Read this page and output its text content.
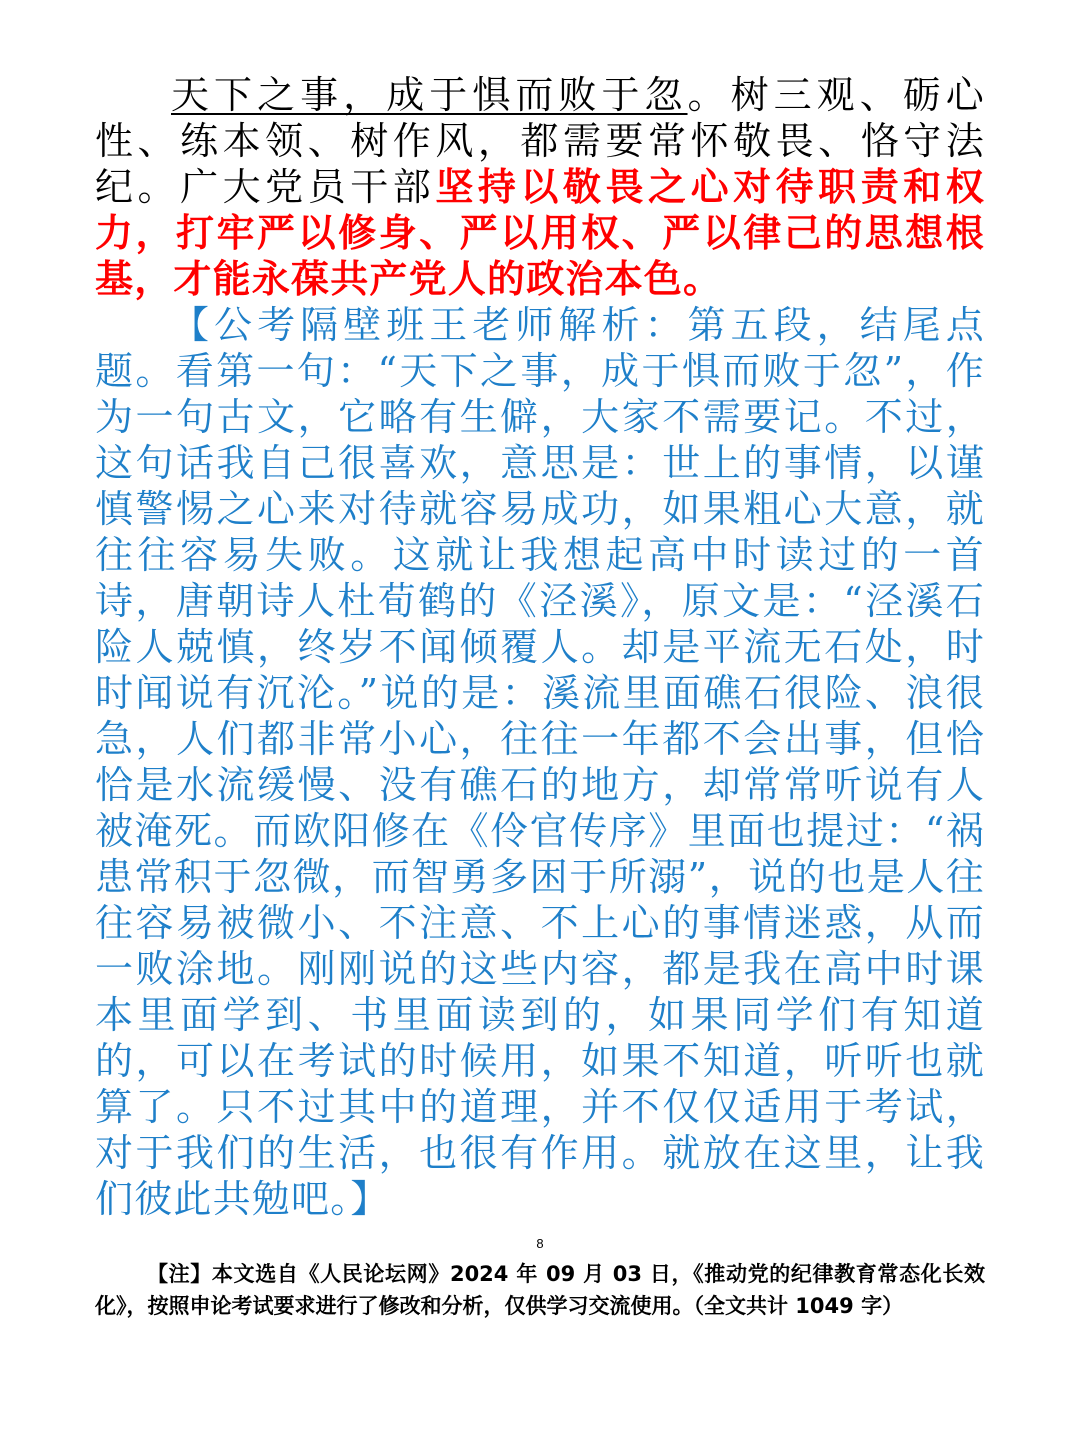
天下之事，成于惧而败于忽。树三观、砺心性、练本领、树作风，都需要常怀敬畏、恪守法纪。广大党员干部坚持以敬畏之心对待职责和权力，打牢严以修身、严以用权、严以律己的思想根基，才能永葆共产党人的政治本色。

【公考隔壁班王老师解析：第五段，结尾点题。看第一句：“天下之事，成于惧而败于忽”，作为一句古文，它略有生僻，大家不需要记。不过，这句话我自己很喜欢，意思是：世上的事情，以谨慎警惕之心来对待就容易成功，如果粗心大意，就往往容易失败。这就让我想起高中时读过的一首诗，唐朝诗人杜荀鹤的《泾溪》，原文是：“泾溪石险人兢慎，终岁不闻倾覆人。却是平流无石处，时时闻说有沉沦。”说的是：溪流里面礁石很险、浪很急，人们都非常小心，往往一年都不会出事，但恰恰是水流缓慢、没有礁石的地方，却常常听说有人被淹死。而欧阳修在《伶官传序》里面也提过：“祸患常积于忽微，而智勇多困于所溺”，说的也是人往往容易被微小、不注意、不上心的事情迷惑，从而一败涂地。刚刚说的这些内容，都是我在高中时课本里面学到、书里面读到的，如果同学们有知道的，可以在考试的时候用，如果不知道，听听也就算了。只不过其中的道理，并不仅仅适用于考试，对于我们的生活，也很有作用。就放在这里，让我们彼此共勉吧。】

8

【注】本文选自《人民论坛网》2024 年 09 月 03 日，《推动党的纪律教育常态化长效化》，按照申论考试要求进行了修改和分析，仅供学习交流使用。（全文共计 1049 字）
